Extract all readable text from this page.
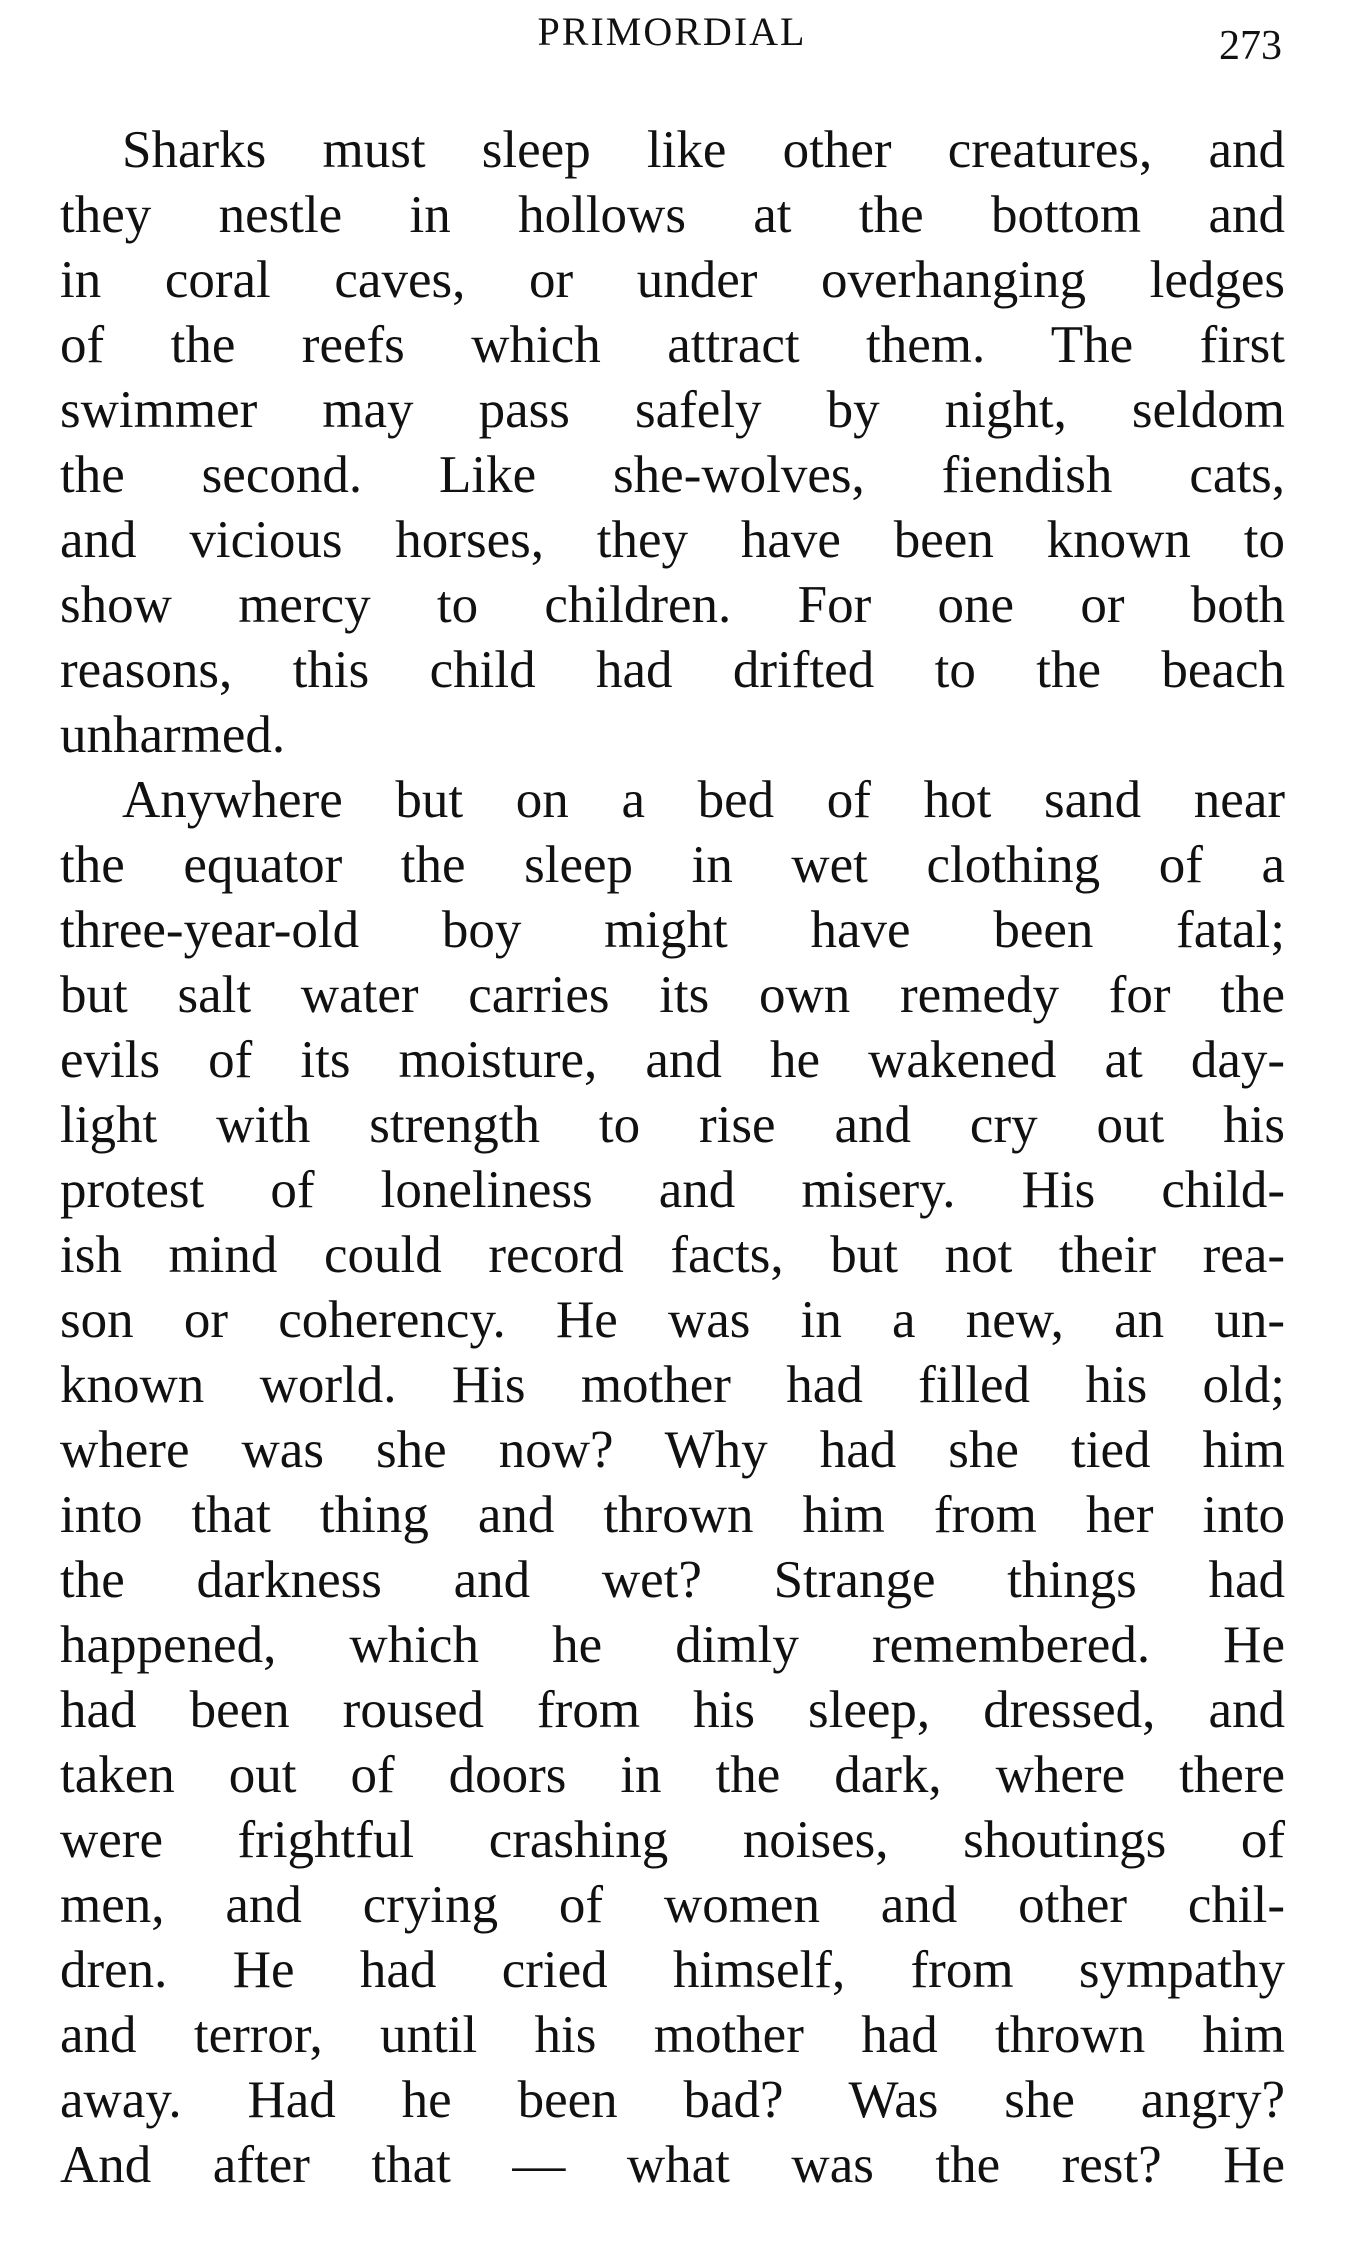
PRIMORDIAL	273
Sharks must sleep like other creatures, and
they nestle in hollows at the bottom and
in coral caves, or under overhanging ledges
of the reefs which attract them. The first
swimmer may pass safely by night, seldom
the second. Like she-wolves, fiendish cats,
and vicious horses, they have been known to
show mercy to children. For one or both
reasons, this child had drifted to the beach
unharmed.
Anywhere but on a bed of hot sand near
the equator the sleep in wet clothing of a
three-year-old boy might have been fatal;
but salt water carries its own remedy for the
evils of its moisture, and he wakened at day-
light with strength to rise and cry out his
protest of loneliness and misery. His child-
ish mind could record facts, but not their rea-
son or coherency. He was in a new, an un-
known world. His mother had filled his old;
where was she now? Why had she tied him
into that thing and thrown him from her into
the darkness and wet? Strange things had
happened, which he dimly remembered. He
had been roused from his sleep, dressed, and
taken out of doors in the dark, where there
were frightful crashing noises, shoutings of
men, and crying of women and other chil-
dren. He had cried himself, from sympathy
and terror, until his mother had thrown him
away. Had he been bad? Was she angry?
And after that — what was the rest? He
